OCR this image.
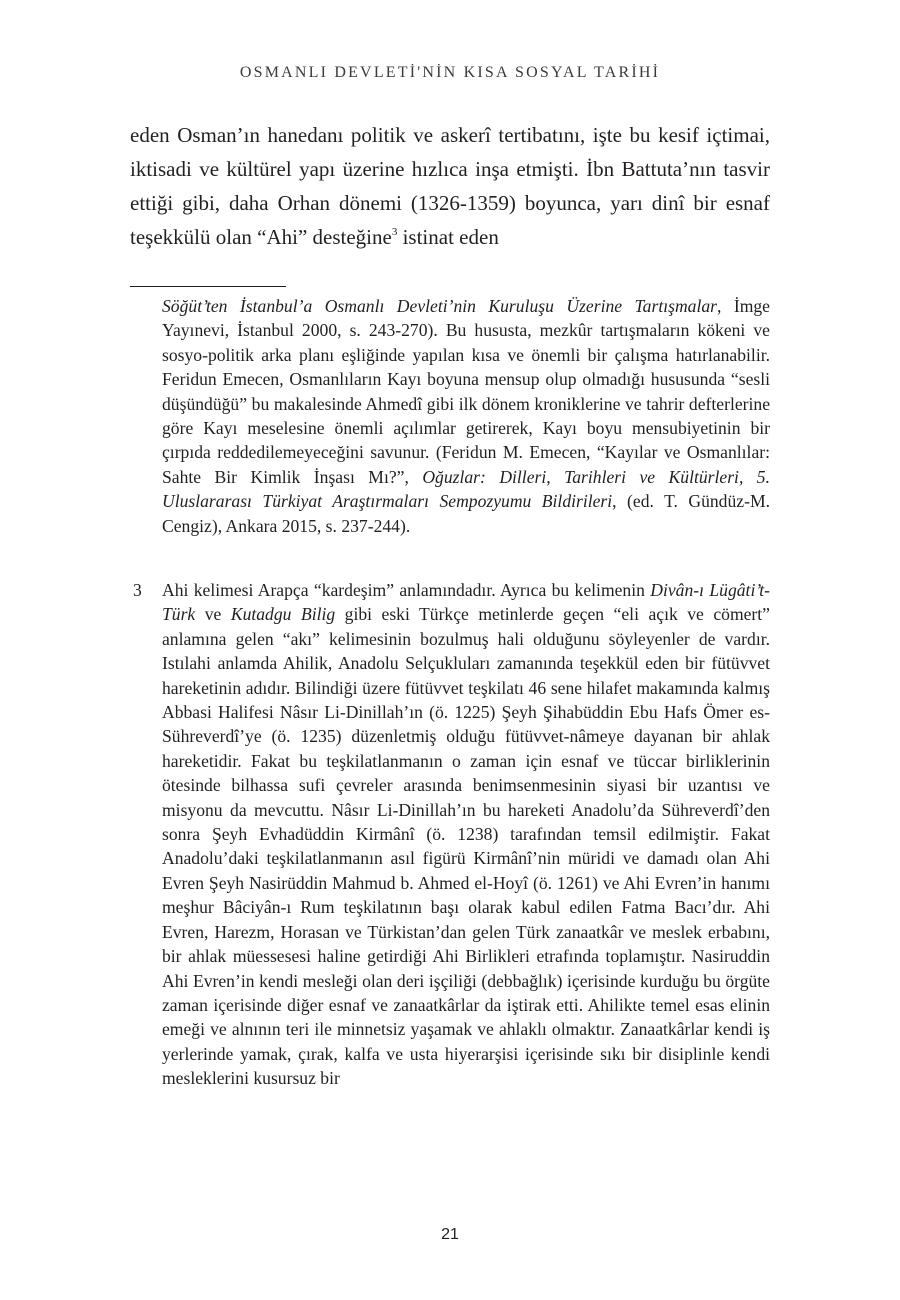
OSMANLI DEVLETİ'NİN KISA SOSYAL TARİHİ

eden Osman’ın hanedanı politik ve askerî tertibatını, işte bu kesif içtimai, iktisadi ve kültürel yapı üzerine hızlıca inşa etmişti. İbn Battuta’nın tasvir ettiği gibi, daha Orhan dönemi (1326-1359) boyunca, yarı dinî bir esnaf teşekkülü olan “Ahi” desteğine$^3$ istinat eden

Söğüt’ten İstanbul’a Osmanlı Devleti’nin Kuruluşu Üzerine Tartışmalar, İmge Yayınevi, İstanbul 2000, s. 243-270). Bu hususta, mezkûr tartışmaların kökeni ve sosyo-politik arka planı eşliğinde yapılan kısa ve önemli bir çalışma hatırlanabilir. Feridun Emecen, Osmanlıların Kayı boyuna mensup olup olmadığı hususunda “sesli düşündüğü” bu makalesinde Ahmedî gibi ilk dönem kroniklerine ve tahrir defterlerine göre Kayı meselesine önemli açılımlar getirerek, Kayı boyu mensubiyetinin bir çırpıda reddedilemeyeceğini savunur. (Feridun M. Emecen, “Kayılar ve Osmanlılar: Sahte Bir Kimlik İnşası Mı?”, Oğuzlar: Dilleri, Tarihleri ve Kültürleri, 5. Uluslararası Türkiyat Araştırmaları Sempozyumu Bildirileri, (ed. T. Gündüz-M. Cengiz), Ankara 2015, s. 237-244).

3 Ahi kelimesi Arapça “kardeşim” anlamındadır. Ayrıca bu kelimenin Divân-ı Lügâti’t-Türk ve Kutadgu Bilig gibi eski Türkçe metinlerde geçen “eli açık ve cömert” anlamına gelen “akı” kelimesinin bozulmuş hali olduğunu söyleyenler de vardır. Istılahi anlamda Ahilik, Anadolu Selçukluları zamanında teşekkül eden bir fütüvvet hareketinin adıdır. Bilindiği üzere fütüvvet teşkilatı 46 sene hilafet makamında kalmış Abbasi Halifesi Nâsır Li-Dinillah’ın (ö. 1225) Şeyh Şihabüddin Ebu Hafs Ömer es-Sühreverdî’ye (ö. 1235) düzenletmiş olduğu fütüvvet-nâmeye dayanan bir ahlak hareketidir. Fakat bu teşkilatlanmanın o zaman için esnaf ve tüccar birliklerinin ötesinde bilhassa sufi çevreler arasında benimsenmesinin siyasi bir uzantısı ve misyonu da mevcuttu. Nâsır Li-Dinillah’ın bu hareketi Anadolu’da Sühreverdî’den sonra Şeyh Evhadüddin Kirmânî (ö. 1238) tarafından temsil edilmiştir. Fakat Anadolu’daki teşkilatlanmanın asıl figürü Kirmânî’nin müridi ve damadı olan Ahi Evren Şeyh Nasirüddin Mahmud b. Ahmed el-Hoyî (ö. 1261) ve Ahi Evren’in hanımı meşhur Bâciyân-ı Rum teşkilatının başı olarak kabul edilen Fatma Bacı’dır. Ahi Evren, Harezm, Horasan ve Türkistan’dan gelen Türk zanaatkâr ve meslek erbabını, bir ahlak müessesesi haline getirdiği Ahi Birlikleri etrafında toplamıştır. Nasiruddin Ahi Evren’in kendi mesleği olan deri işçiliği (debbağlık) içerisinde kurduğu bu örgüte zaman içerisinde diğer esnaf ve zanaatkârlar da iştirak etti. Ahilikte temel esas elinin emeği ve alnının teri ile minnetsiz yaşamak ve ahlaklı olmaktır. Zanaatkârlar kendi iş yerlerinde yamak, çırak, kalfa ve usta hiyerarşisi içerisinde sıkı bir disiplinle kendi mesleklerini kusursuz bir

21
